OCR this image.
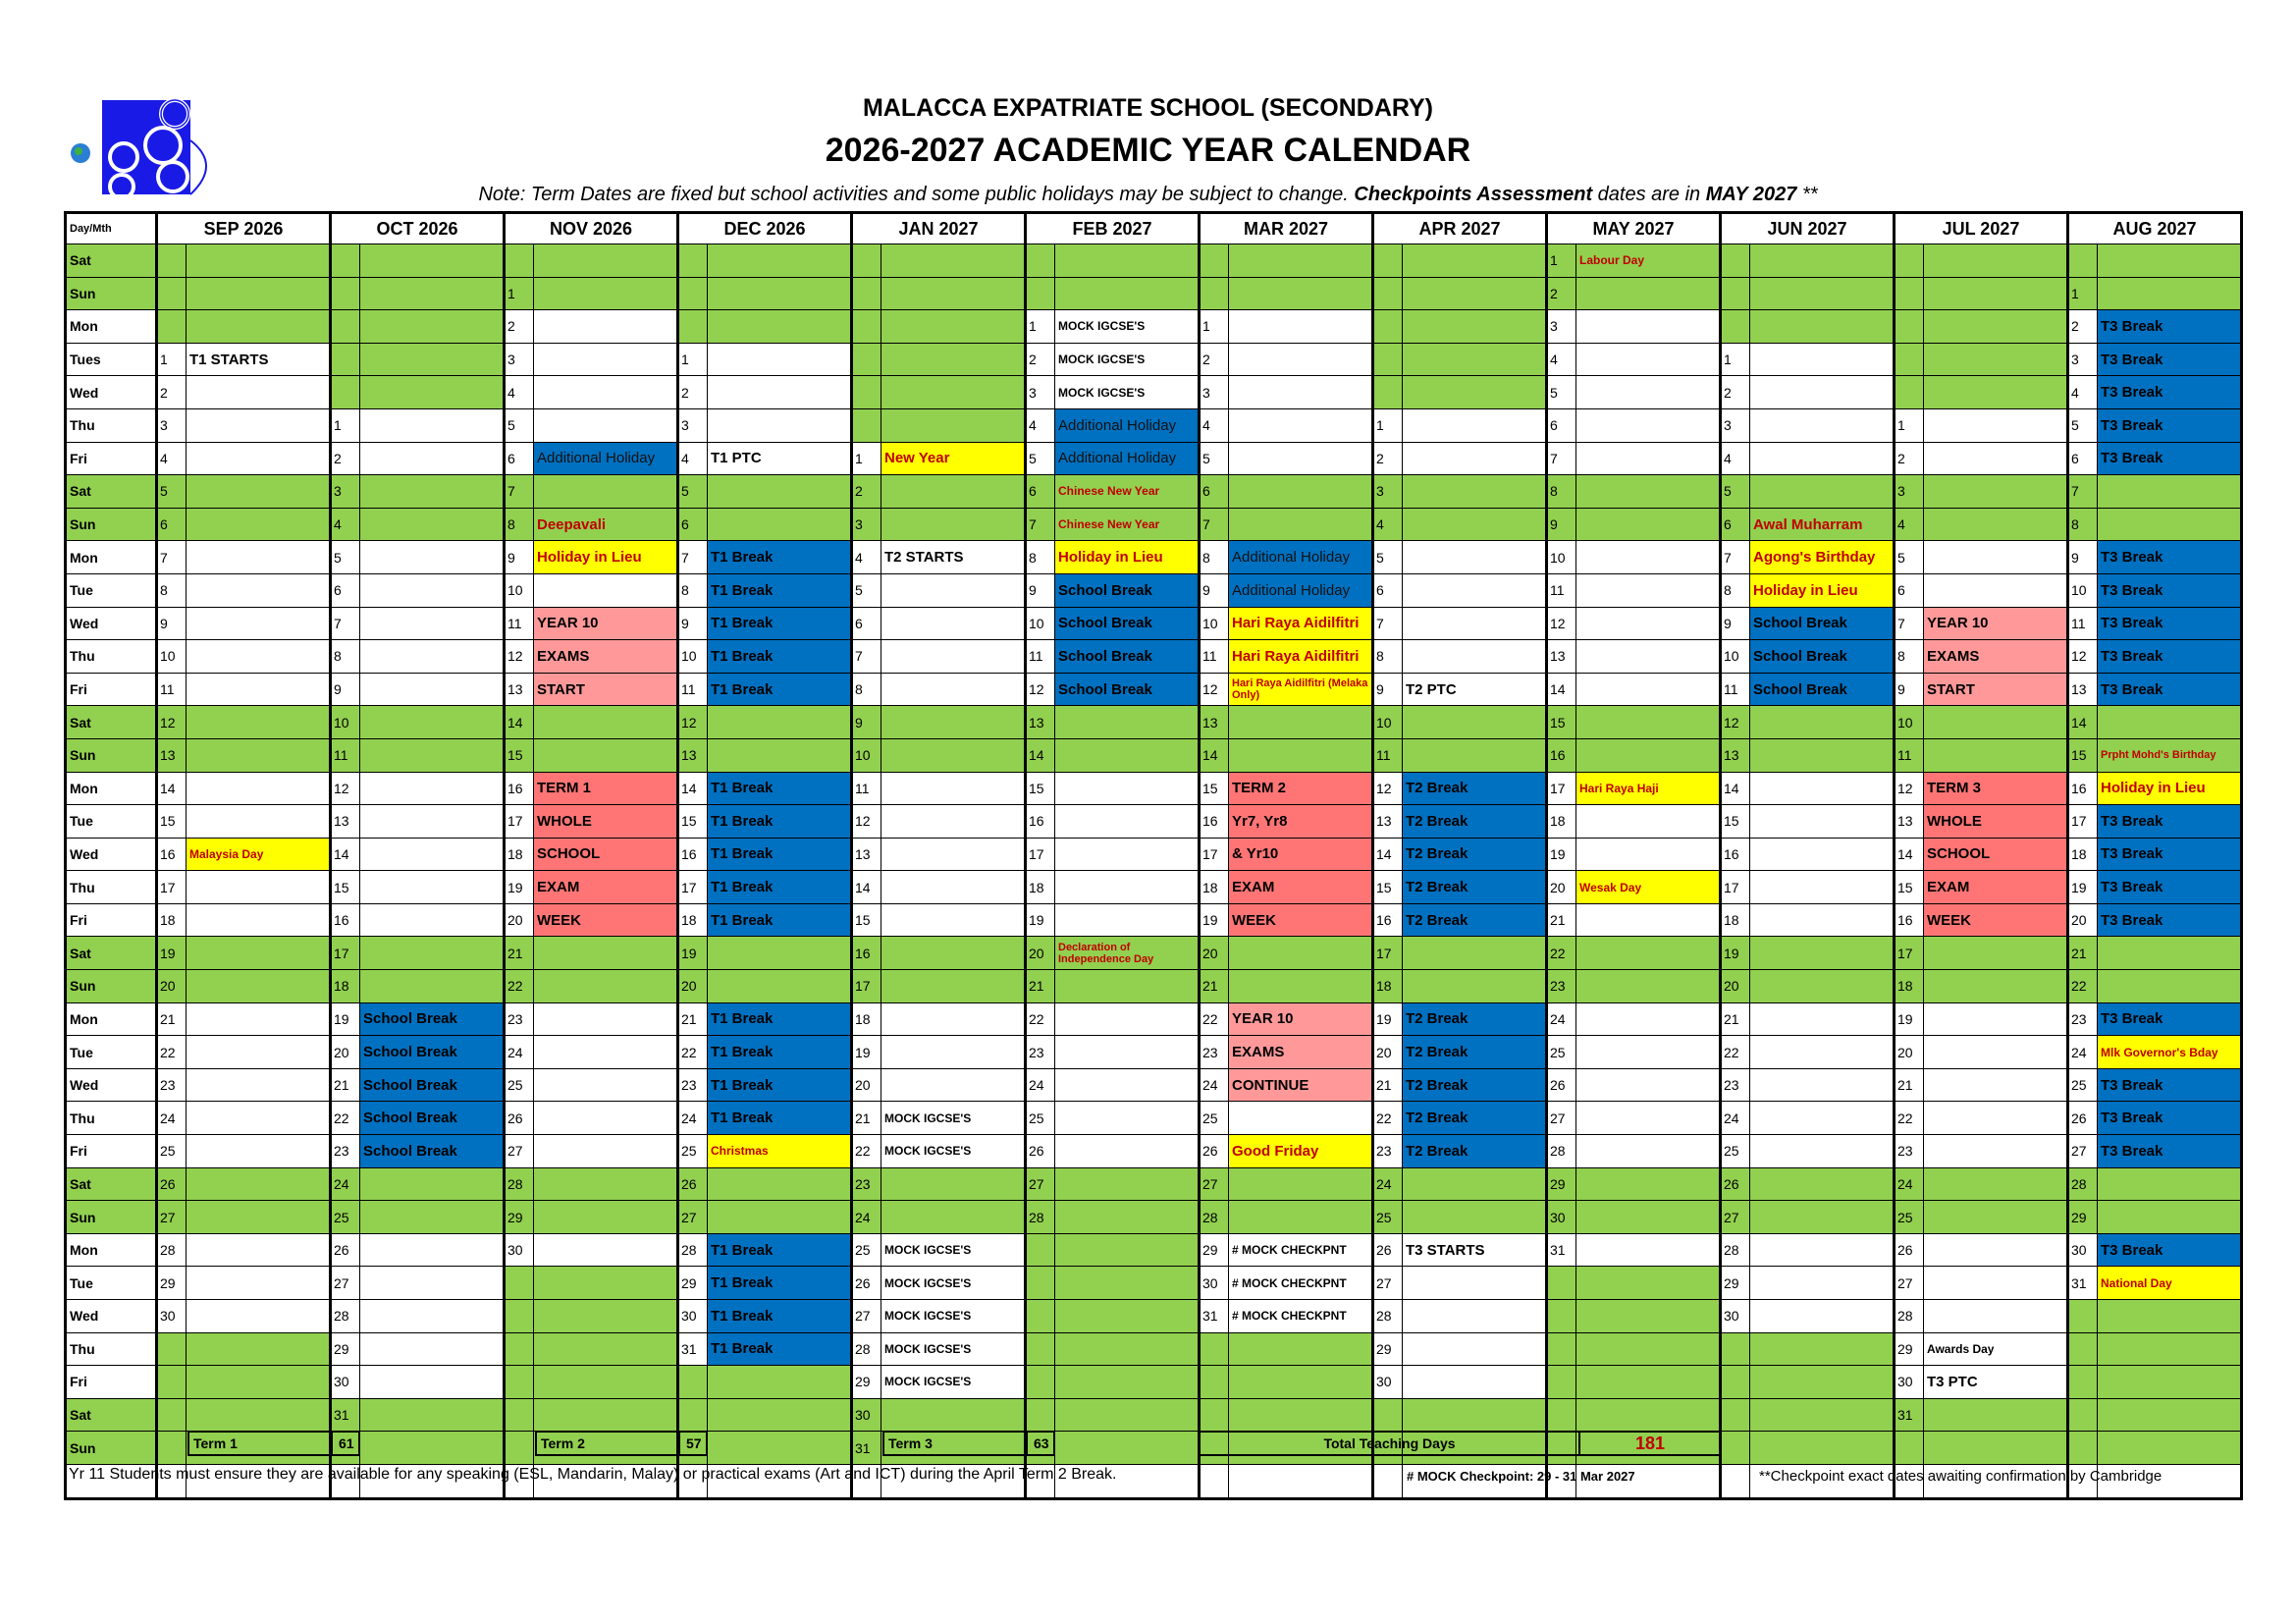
MALACCA EXPATRIATE SCHOOL (SECONDARY)
2026-2027 ACADEMIC YEAR CALENDAR
Note: Term Dates are fixed but school activities and some public holidays may be subject to change. Checkpoints Assessment dates are in MAY 2027 **
Day/Mth	SEP 2026		OCT 2026		NOV 2026		DEC 2026		JAN 2027		FEB 2027		MAR 2027		APR 2027		MAY 2027		JUN 2027		JUL 2027		AUG 2027	
Sat																	1	Labour Day						
Sun					1												2						1	
Mon					2						1	MOCK IGCSE'S	1				3						2	T3 Break
Tues	1	T1 STARTS			3		1				2	MOCK IGCSE'S	2				4		1				3	T3 Break
Wed	2				4		2				3	MOCK IGCSE'S	3				5		2				4	T3 Break
Thu	3		1		5		3				4	Additional Holiday	4		1		6		3		1		5	T3 Break
Fri	4		2		6	Additional Holiday	4	T1 PTC	1	New Year	5	Additional Holiday	5		2		7		4		2		6	T3 Break
Sat	5		3		7		5		2		6	Chinese New Year	6		3		8		5		3		7	
Sun	6		4		8	Deepavali	6		3		7	Chinese New Year	7		4		9		6	Awal Muharram	4		8	
Mon	7		5		9	Holiday in Lieu	7	T1 Break	4	T2 STARTS	8	Holiday in Lieu	8	Additional Holiday	5		10		7	Agong's Birthday	5		9	T3 Break
Tue	8		6		10		8	T1 Break	5		9	School Break	9	Additional Holiday	6		11		8	Holiday in Lieu	6		10	T3 Break
Wed	9		7		11	YEAR 10	9	T1 Break	6		10	School Break	10	Hari Raya Aidilfitri	7		12		9	School Break	7	YEAR 10	11	T3 Break
Thu	10		8		12	EXAMS	10	T1 Break	7		11	School Break	11	Hari Raya Aidilfitri	8		13		10	School Break	8	EXAMS	12	T3 Break
Fri	11		9		13	START	11	T1 Break	8		12	School Break	12	Hari Raya Aidilfitri (Melaka Only)	9	T2 PTC	14		11	School Break	9	START	13	T3 Break
Sat	12		10		14		12		9		13		13		10		15		12		10		14	
Sun	13		11		15		13		10		14		14		11		16		13		11		15	Prpht Mohd's Birthday
Mon	14		12		16	TERM 1	14	T1 Break	11		15		15	TERM 2	12	T2 Break	17	Hari Raya Haji	14		12	TERM 3	16	Holiday in Lieu
Tue	15		13		17	WHOLE	15	T1 Break	12		16		16	Yr7, Yr8	13	T2 Break	18		15		13	WHOLE	17	T3 Break
Wed	16	Malaysia Day	14		18	SCHOOL	16	T1 Break	13		17		17	& Yr10	14	T2 Break	19		16		14	SCHOOL	18	T3 Break
Thu	17		15		19	EXAM	17	T1 Break	14		18		18	EXAM	15	T2 Break	20	Wesak Day	17		15	EXAM	19	T3 Break
Fri	18		16		20	WEEK	18	T1 Break	15		19		19	WEEK	16	T2 Break	21		18		16	WEEK	20	T3 Break
Sat	19		17		21		19		16		20	Declaration of Independence Day	20		17		22		19		17		21	
Sun	20		18		22		20		17		21		21		18		23		20		18		22	
Mon	21		19	School Break	23		21	T1 Break	18		22		22	YEAR 10	19	T2 Break	24		21		19		23	T3 Break
Tue	22		20	School Break	24		22	T1 Break	19		23		23	EXAMS	20	T2 Break	25		22		20		24	Mlk Governor's Bday
Wed	23		21	School Break	25		23	T1 Break	20		24		24	CONTINUE	21	T2 Break	26		23		21		25	T3 Break
Thu	24		22	School Break	26		24	T1 Break	21	MOCK IGCSE'S	25		25		22	T2 Break	27		24		22		26	T3 Break
Fri	25		23	School Break	27		25	Christmas	22	MOCK IGCSE'S	26		26	Good Friday	23	T2 Break	28		25		23		27	T3 Break
Sat	26		24		28		26		23		27		27		24		29		26		24		28	
Sun	27		25		29		27		24		28		28		25		30		27		25		29	
Mon	28		26		30		28	T1 Break	25	MOCK IGCSE'S			29	# MOCK CHECKPNT	26	T3 STARTS	31		28		26		30	T3 Break
Tue	29		27				29	T1 Break	26	MOCK IGCSE'S			30	# MOCK CHECKPNT	27				29		27		31	National Day
Wed	30		28				30	T1 Break	27	MOCK IGCSE'S			31	# MOCK CHECKPNT	28				30		28			
Thu			29				31	T1 Break	28	MOCK IGCSE'S					29						29	Awards Day		
Fri			30						29	MOCK IGCSE'S					30						30	T3 PTC		
Sat			31						30												31			
Sun									31															

Term 1	61	Term 2	57	Term 3	63	Total Teaching Days	181
Yr 11 Students must ensure they are available for any speaking (ESL, Mandarin, Malay) or practical exams (Art and ICT) during the April Term 2 Break.	# MOCK Checkpoint: 29 - 31 Mar 2027	**Checkpoint exact dates awaiting confirmation by Cambridge
